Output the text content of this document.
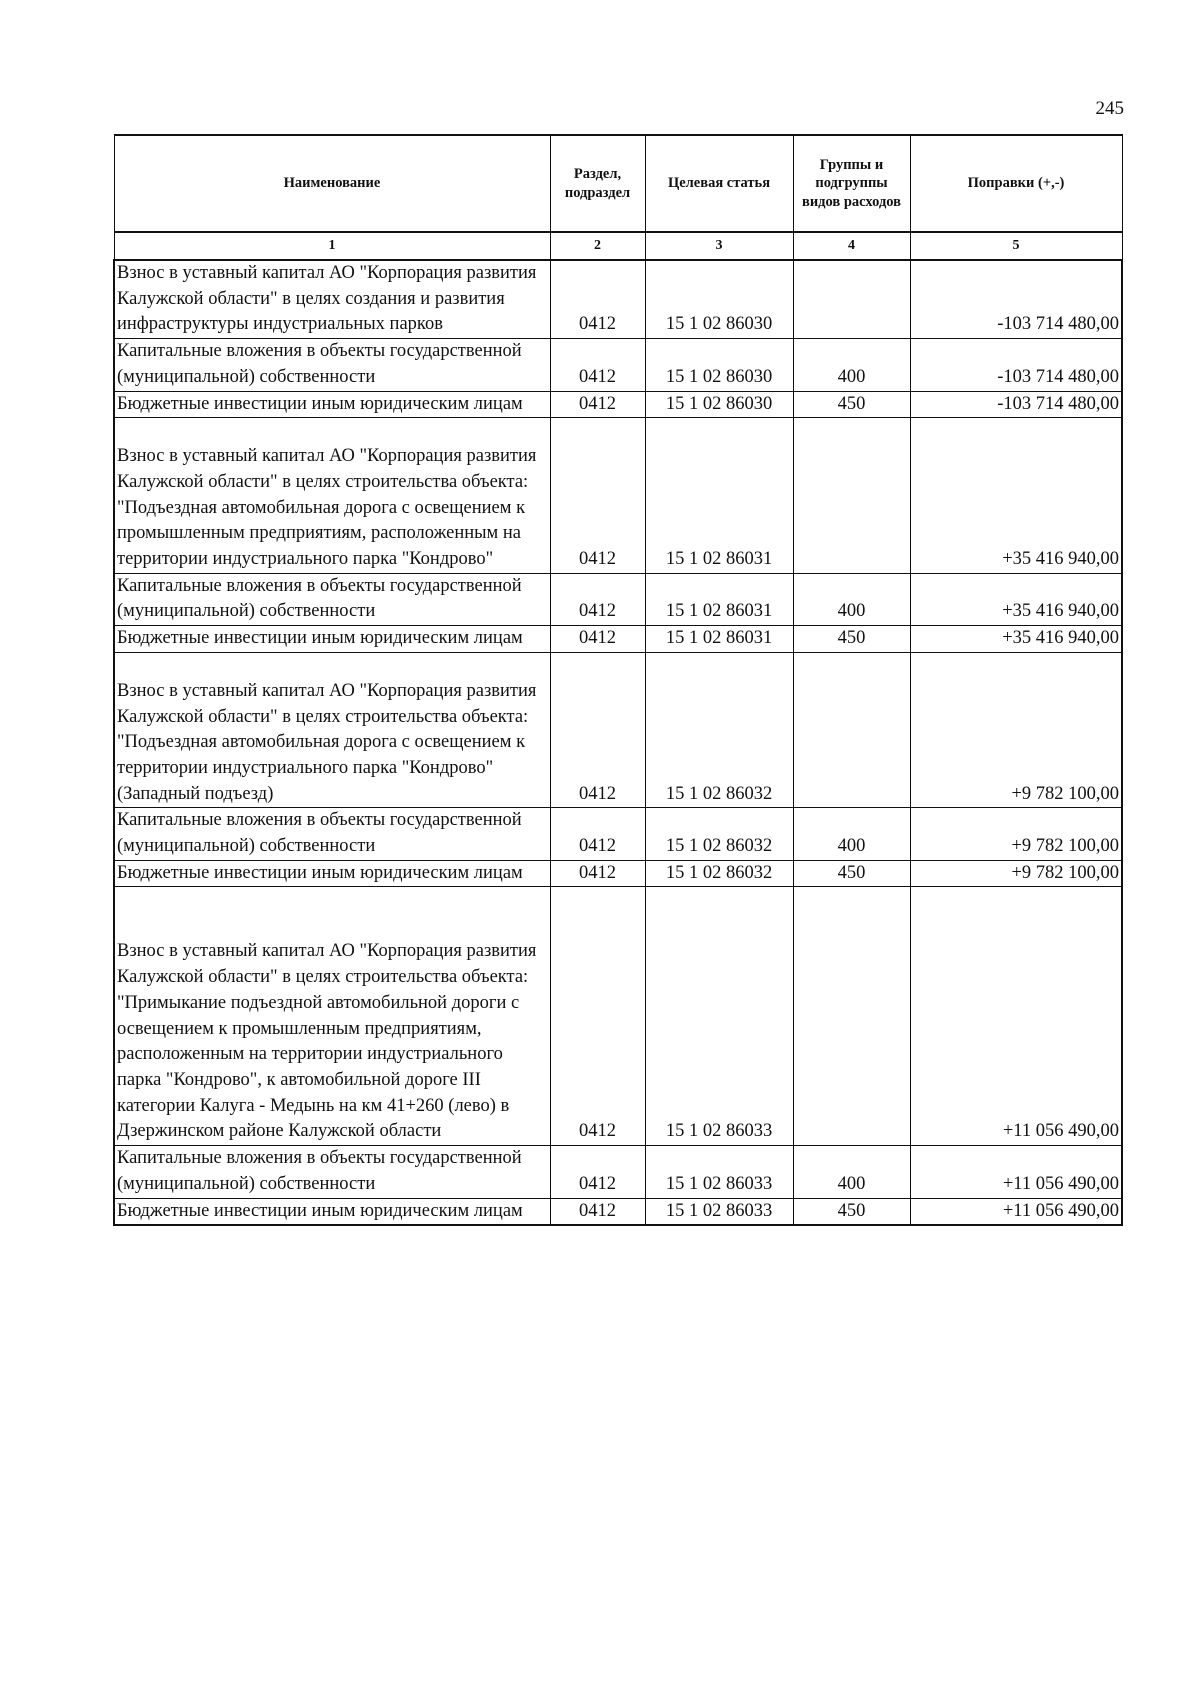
245
Наименование	Раздел, подраздел	Целевая статья	Группы и подгруппы видов расходов	Поправки (+,-)
1	2	3	4	5
Взнос в уставный капитал АО "Корпорация развития Калужской области" в целях создания и развития инфраструктуры индустриальных парков	0412	15 1 02 86030		-103 714 480,00
Капитальные вложения в объекты государственной (муниципальной) собственности	0412	15 1 02 86030	400	-103 714 480,00
Бюджетные инвестиции иным юридическим лицам	0412	15 1 02 86030	450	-103 714 480,00
Взнос в уставный капитал АО "Корпорация развития Калужской области" в целях строительства объекта: "Подъездная автомобильная дорога с освещением к промышленным предприятиям, расположенным на территории индустриального парка "Кондрово"	0412	15 1 02 86031		+35 416 940,00
Капитальные вложения в объекты государственной (муниципальной) собственности	0412	15 1 02 86031	400	+35 416 940,00
Бюджетные инвестиции иным юридическим лицам	0412	15 1 02 86031	450	+35 416 940,00
Взнос в уставный капитал АО "Корпорация развития Калужской области" в целях строительства объекта: "Подъездная автомобильная дорога с освещением к территории индустриального парка "Кондрово" (Западный подъезд)	0412	15 1 02 86032		+9 782 100,00
Капитальные вложения в объекты государственной (муниципальной) собственности	0412	15 1 02 86032	400	+9 782 100,00
Бюджетные инвестиции иным юридическим лицам	0412	15 1 02 86032	450	+9 782 100,00
Взнос в уставный капитал АО "Корпорация развития Калужской области" в целях строительства объекта: "Примыкание подъездной автомобильной дороги с освещением к промышленным предприятиям, расположенным на территории индустриального парка "Кондрово", к автомобильной дороге III категории Калуга - Медынь на км 41+260 (лево) в Дзержинском районе Калужской области	0412	15 1 02 86033		+11 056 490,00
Капитальные вложения в объекты государственной (муниципальной) собственности	0412	15 1 02 86033	400	+11 056 490,00
Бюджетные инвестиции иным юридическим лицам	0412	15 1 02 86033	450	+11 056 490,00
